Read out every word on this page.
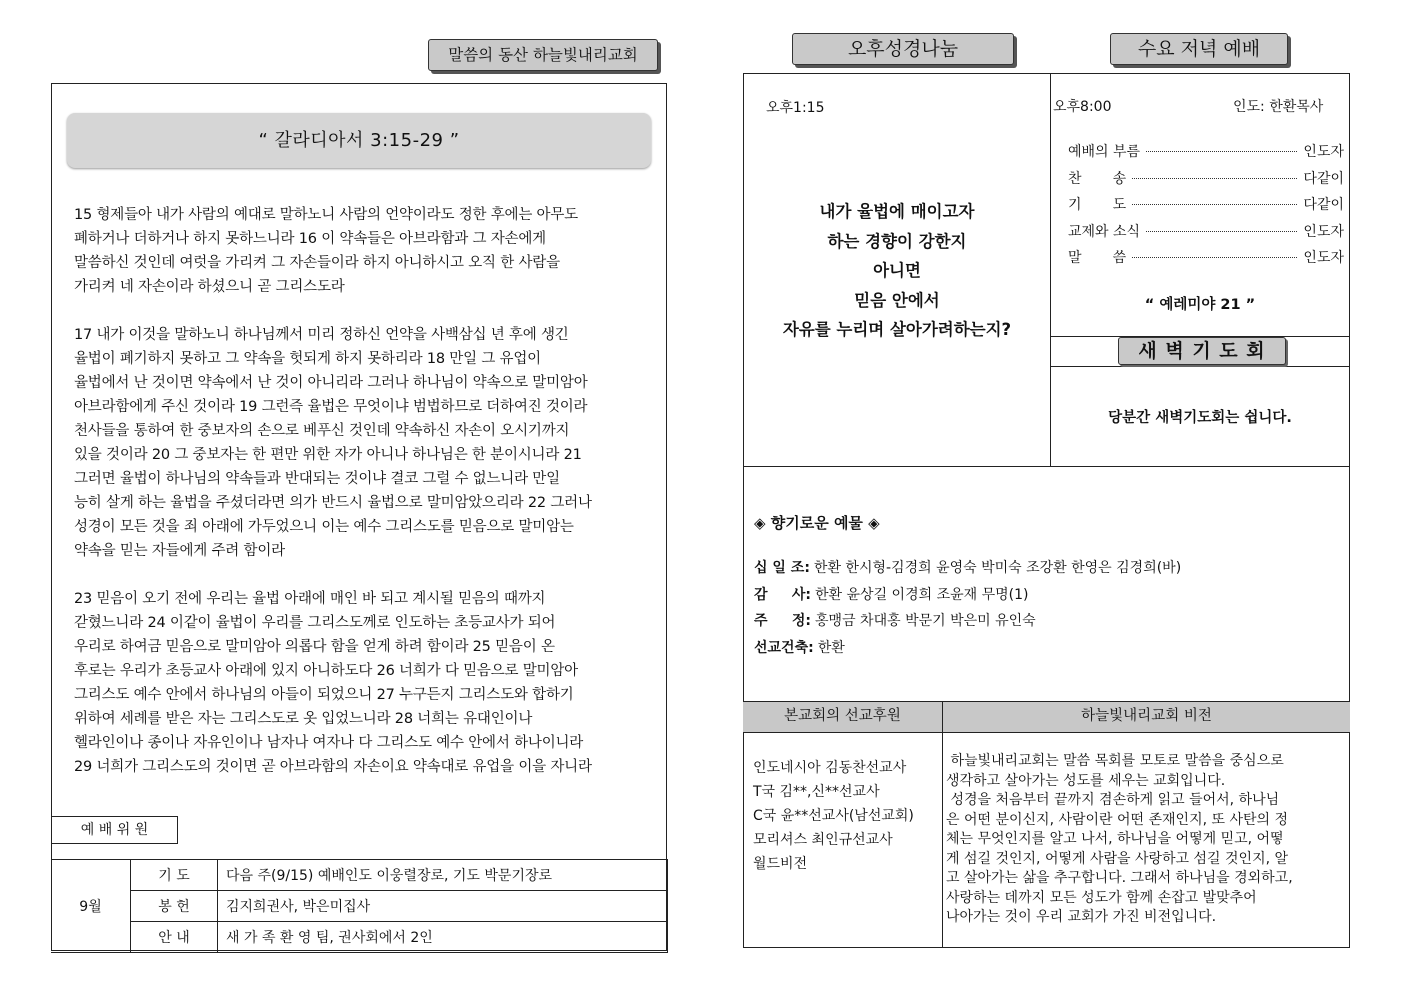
말씀의 동산 하늘빛내리교회
“ 갈라디아서 3:15-29 ”
15 형제들아 내가 사람의 예대로 말하노니 사람의 언약이라도 정한 후에는 아무도
폐하거나 더하거나 하지 못하느니라 16 이 약속들은 아브라함과 그 자손에게
말씀하신 것인데 여럿을 가리켜 그 자손들이라 하지 아니하시고 오직 한 사람을
가리켜 네 자손이라 하셨으니 곧 그리스도라
17 내가 이것을 말하노니 하나님께서 미리 정하신 언약을 사백삼십 년 후에 생긴
율법이 폐기하지 못하고 그 약속을 헛되게 하지 못하리라 18 만일 그 유업이
율법에서 난 것이면 약속에서 난 것이 아니리라 그러나 하나님이 약속으로 말미암아
아브라함에게 주신 것이라 19 그런즉 율법은 무엇이냐 범법하므로 더하여진 것이라
천사들을 통하여 한 중보자의 손으로 베푸신 것인데 약속하신 자손이 오시기까지
있을 것이라 20 그 중보자는 한 편만 위한 자가 아니나 하나님은 한 분이시니라 21
그러면 율법이 하나님의 약속들과 반대되는 것이냐 결코 그럴 수 없느니라 만일
능히 살게 하는 율법을 주셨더라면 의가 반드시 율법으로 말미암았으리라 22 그러나
성경이 모든 것을 죄 아래에 가두었으니 이는 예수 그리스도를 믿음으로 말미암는
약속을 믿는 자들에게 주려 함이라
23 믿음이 오기 전에 우리는 율법 아래에 매인 바 되고 계시될 믿음의 때까지
갇혔느니라 24 이같이 율법이 우리를 그리스도께로 인도하는 초등교사가 되어
우리로 하여금 믿음으로 말미암아 의롭다 함을 얻게 하려 함이라 25 믿음이 온
후로는 우리가 초등교사 아래에 있지 아니하도다 26 너희가 다 믿음으로 말미암아
그리스도 예수 안에서 하나님의 아들이 되었으니 27 누구든지 그리스도와 합하기
위하여 세례를 받은 자는 그리스도로 옷 입었느니라 28 너희는 유대인이나
헬라인이나 종이나 자유인이나 남자나 여자나 다 그리스도 예수 안에서 하나이니라
29 너희가 그리스도의 것이면 곧 아브라함의 자손이요 약속대로 유업을 이을 자니라
예 배 위 원
9월	기 도	다음 주(9/15) 예배인도 이웅렬장로, 기도 박문기장로
	봉 헌	김지희권사, 박은미집사
	안 내	새 가 족 환 영 팀, 권사회에서 2인
오후성경나눔	수요 저녁 예배
오후1:15
내가 율법에 매이고자
하는 경향이 강한지
아니면
믿음 안에서
자유를 누리며 살아가려하는지?
오후8:00	인도: 한환목사
예배의 부름	인도자
찬       송	다같이
기       도	다같이
교제와 소식	인도자
말       씀	인도자
“ 예레미야 21 ”
새 벽 기 도 회
당분간 새벽기도회는 쉽니다.
◈ 향기로운 예물 ◈
십 일 조: 한환 한시형-김경희 윤영숙 박미숙 조강환 한영은 김경희(바)
감     사: 한환 윤상길 이경희 조윤재 무명(1)
주     정: 홍맹금 차대홍 박문기 박은미 유인숙
선교건축: 한환
본교회의 선교후원	하늘빛내리교회 비전
인도네시아 김동찬선교사
T국 김**,신**선교사
C국 윤**선교사(남선교회)
모리셔스 최인규선교사
월드비전
하늘빛내리교회는 말씀 목회를 모토로 말씀을 중심으로
생각하고 살아가는 성도를 세우는 교회입니다.
성경을 처음부터 끝까지 겸손하게 읽고 들어서, 하나님
은 어떤 분이신지, 사람이란 어떤 존재인지, 또 사탄의 정
체는 무엇인지를 알고 나서, 하나님을 어떻게 믿고, 어떻
게 섬길 것인지, 어떻게 사람을 사랑하고 섬길 것인지, 알
고 살아가는 삶을 추구합니다. 그래서 하나님을 경외하고,
사랑하는 데까지 모든 성도가 함께 손잡고 발맞추어
나아가는 것이 우리 교회가 가진 비전입니다.
